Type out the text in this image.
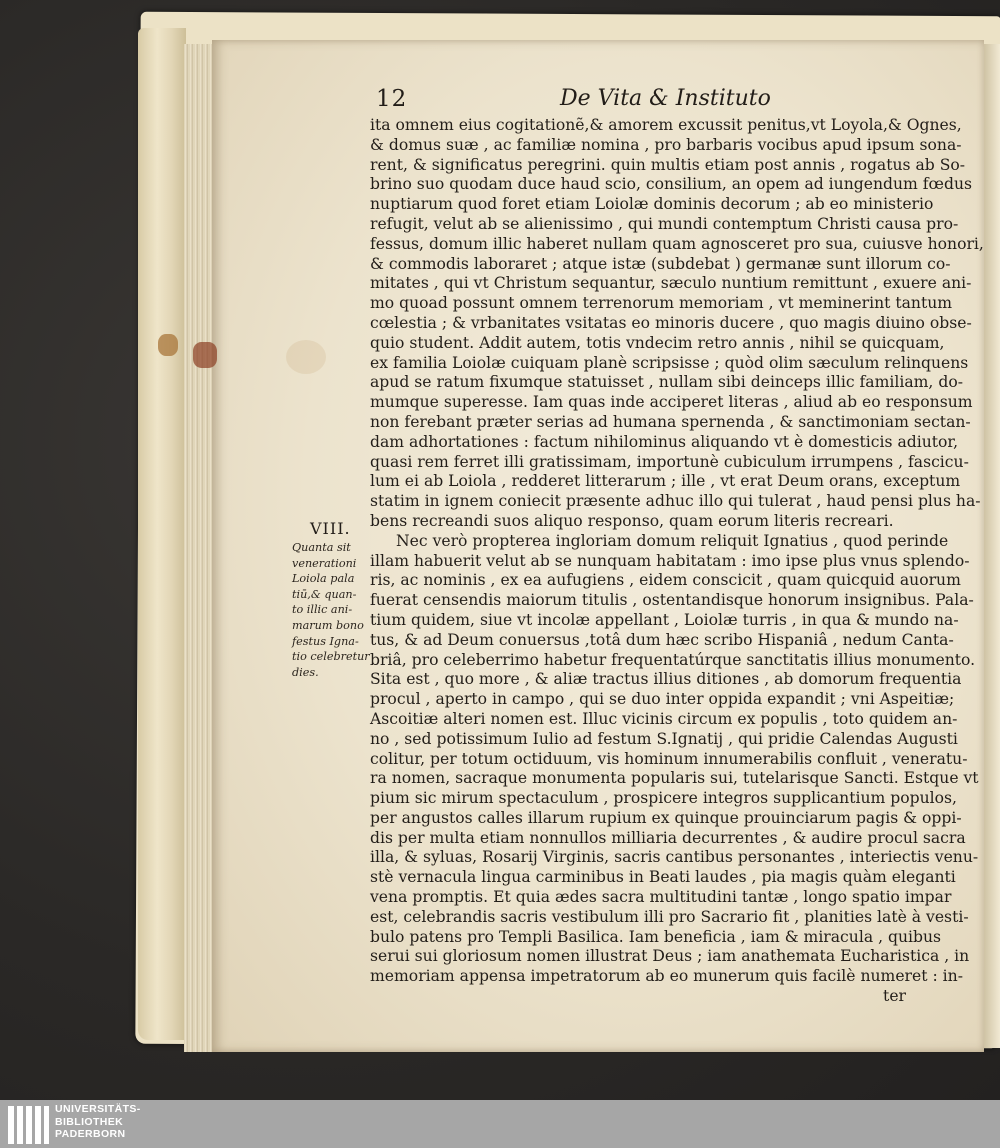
12	De Vita & Instituto
VIII.
Quanta sit
venerationi
Loiola pala
tiū,& quan-
to illic ani-
marum bono
festus Igna-
tio celebretur
dies.
ita omnem eius cogitationẽ,& amorem excussit penitus,vt Loyola,& Ognes,
& domus suæ , ac familiæ nomina , pro barbaris vocibus apud ipsum sona-
rent, & significatus peregrini. quin multis etiam post annis , rogatus ab So-
brino suo quodam duce haud scio, consilium, an opem ad iungendum fœdus
nuptiarum quod foret etiam Loiolæ dominis decorum ; ab eo ministerio
refugit, velut ab se alienissimo , qui mundi contemptum Christi causa pro-
fessus, domum illic haberet nullam quam agnosceret pro sua, cuiusve honori,
& commodis laboraret ; atque istæ (subdebat ) germanæ sunt illorum co-
mitates , qui vt Christum sequantur, sæculo nuntium remittunt , exuere ani-
mo quoad possunt omnem terrenorum memoriam , vt meminerint tantum
cœlestia ; & vrbanitates vsitatas eo minoris ducere , quo magis diuino obse-
quio student. Addit autem, totis vndecim retro annis , nihil se quicquam,
ex familia Loiolæ cuiquam planè scripsisse ; quòd olim sæculum relinquens
apud se ratum fixumque statuisset , nullam sibi deinceps illic familiam, do-
mumque superesse. Iam quas inde acciperet literas , aliud ab eo responsum
non ferebant præter serias ad humana spernenda , & sanctimoniam sectan-
dam adhortationes : factum nihilominus aliquando vt è domesticis adiutor,
quasi rem ferret illi gratissimam, importunè cubiculum irrumpens , fascicu-
lum ei ab Loiola , redderet litterarum ; ille , vt erat Deum orans, exceptum
statim in ignem coniecit præsente adhuc illo qui tulerat , haud pensi plus ha-
bens recreandi suos aliquo responso, quam eorum literis recreari.
Nec verò propterea ingloriam domum reliquit Ignatius , quod perinde
illam habuerit velut ab se nunquam habitatam : imo ipse plus vnus splendo-
ris, ac nominis , ex ea aufugiens , eidem conscicit , quam quicquid auorum
fuerat censendis maiorum titulis , ostentandisque honorum insignibus. Pala-
tium quidem, siue vt incolæ appellant , Loiolæ turris , in qua & mundo na-
tus, & ad Deum conuersus ,totâ dum hæc scribo Hispaniâ , nedum Canta-
briâ, pro celeberrimo habetur frequentatúrque sanctitatis illius monumento.
Sita est , quo more , & aliæ tractus illius ditiones , ab domorum frequentia
procul , aperto in campo , qui se duo inter oppida expandit ; vni Aspeitiæ;
Ascoitiæ alteri nomen est. Illuc vicinis circum ex populis , toto quidem an-
no , sed potissimum Iulio ad festum S.Ignatij , qui pridie Calendas Augusti
colitur, per totum octiduum, vis hominum innumerabilis confluit , veneratu-
ra nomen, sacraque monumenta popularis sui, tutelarisque Sancti. Estque vt
pium sic mirum spectaculum , prospicere integros supplicantium populos,
per angustos calles illarum rupium ex quinque prouinciarum pagis & oppi-
dis per multa etiam nonnullos milliaria decurrentes , & audire procul sacra
illa, & syluas, Rosarij Virginis, sacris cantibus personantes , interiectis venu-
stè vernacula lingua carminibus in Beati laudes , pia magis quàm eleganti
vena promptis. Et quia ædes sacra multitudini tantæ , longo spatio impar
est, celebrandis sacris vestibulum illi pro Sacrario fit , planities latè à vesti-
bulo patens pro Templi Basilica. Iam beneficia , iam & miracula , quibus
serui sui gloriosum nomen illustrat Deus ; iam anathemata Eucharistica , in
memoriam appensa impetratorum ab eo munerum quis facilè numeret : in-
ter
UNIVERSITÄTS-
BIBLIOTHEK
PADERBORN
